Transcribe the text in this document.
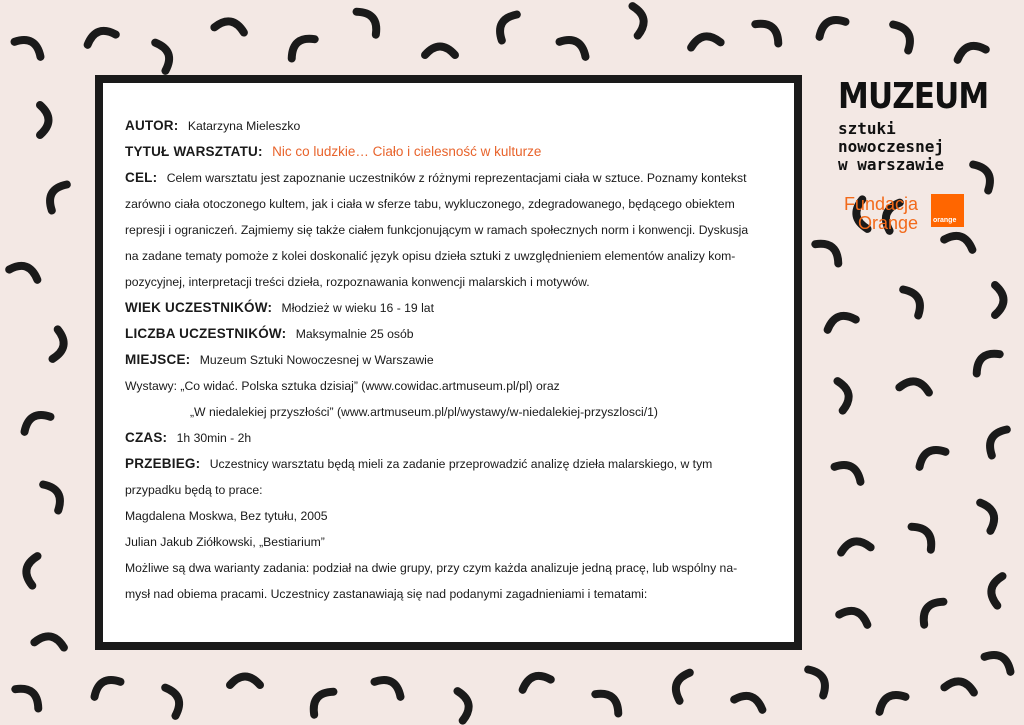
AUTOR: Katarzyna Mieleszko
TYTUŁ WARSZTATU: Nic co ludzkie… Ciało i cielesność w kulturze
CEL: Celem warsztatu jest zapoznanie uczestników z różnymi reprezentacjami ciała w sztuce. Poznamy kontekst
zarówno ciała otoczonego kultem, jak i ciała w sferze tabu, wykluczonego, zdegradowanego, będącego obiektem
represji i ograniczeń. Zajmiemy się także ciałem funkcjonującym w ramach społecznych norm i konwencji. Dyskusja
na zadane tematy pomoże z kolei doskonalić język opisu dzieła sztuki z uwzględnieniem elementów analizy kom-
pozycyjnej, interpretacji treści dzieła, rozpoznawania konwencji malarskich i motywów.
WIEK UCZESTNIKÓW: Młodzież w wieku 16 - 19 lat
LICZBA UCZESTNIKÓW: Maksymalnie 25 osób
MIEJSCE: Muzeum Sztuki Nowoczesnej w Warszawie
Wystawy: „Co widać. Polska sztuka dzisiaj” (www.cowidac.artmuseum.pl/pl) oraz
„W niedalekiej przyszłości” (www.artmuseum.pl/pl/wystawy/w-niedalekiej-przyszlosci/1)
CZAS: 1h 30min - 2h
PRZEBIEG: Uczestnicy warsztatu będą mieli za zadanie przeprowadzić analizę dzieła malarskiego, w tym
przypadku będą to prace:
Magdalena Moskwa, Bez tytułu, 2005
Julian Jakub Ziółkowski, „Bestiarium”
Możliwe są dwa warianty zadania: podział na dwie grupy, przy czym każda analizuje jedną pracę, lub wspólny na-
mysł nad obiema pracami. Uczestnicy zastanawiają się nad podanymi zagadnieniami i tematami:
MUZEUM
sztuki
nowoczesnej
w warszawie
Fundacja
Orange orange
